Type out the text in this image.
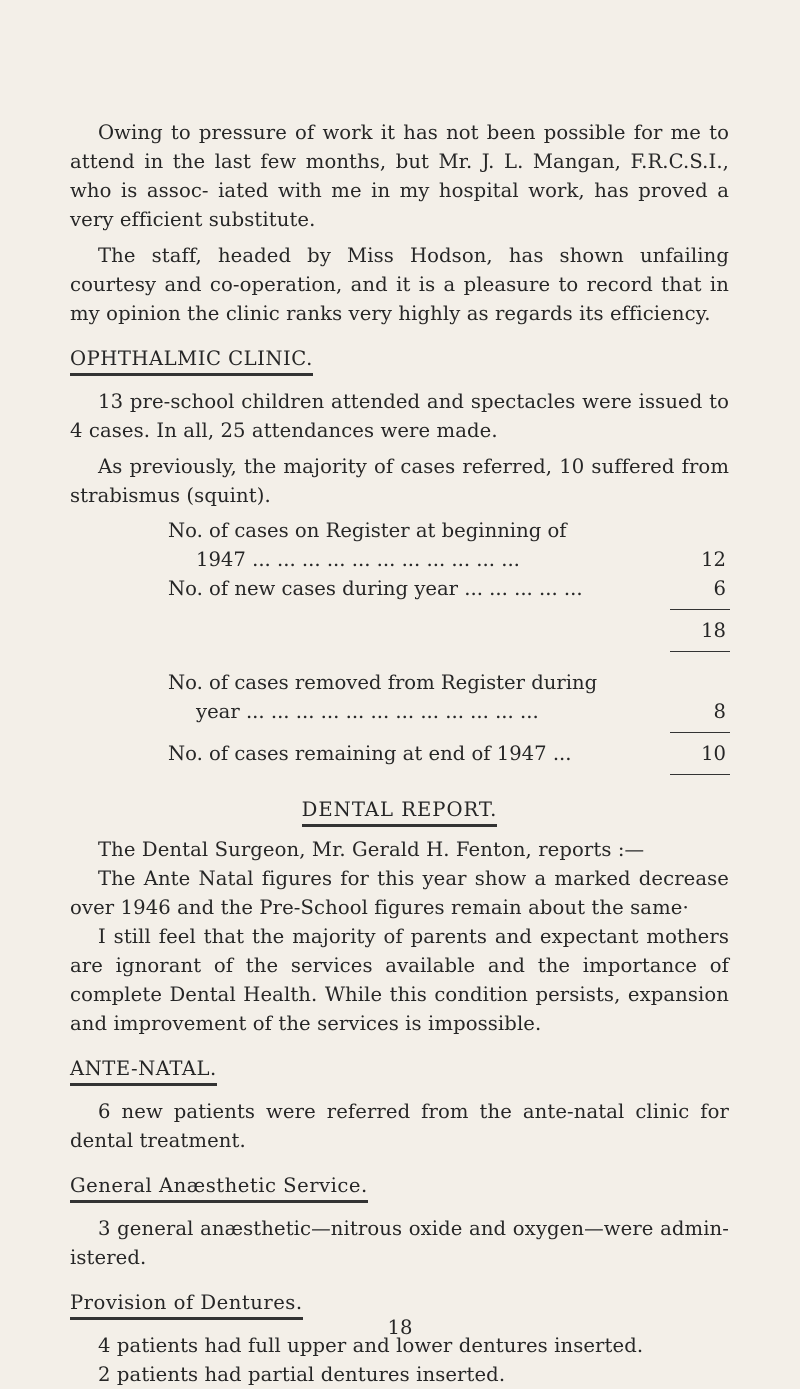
Owing to pressure of work it has not been possible for me to attend in the last few months, but Mr. J. L. Mangan, F.R.C.S.I., who is assoc- iated with me in my hospital work, has proved a very efficient substitute.

The staff, headed by Miss Hodson, has shown unfailing courtesy and co-operation, and it is a pleasure to record that in my opinion the clinic ranks very highly as regards its efficiency.

OPHTHALMIC CLINIC.

13 pre-school children attended and spectacles were issued to 4 cases. In all, 25 attendances were made.

As previously, the majority of cases referred, 10 suffered from strabismus (squint).

No. of cases on Register at beginning of
1947 ... ... ... ... ... ... ... ... ... ... ...	12
No. of new cases during year ... ... ... ... ...	6
18
No. of cases removed from Register during
year ... ... ... ... ... ... ... ... ... ... ... ...	8
No. of cases remaining at end of 1947 ...	10
DENTAL REPORT.

The Dental Surgeon, Mr. Gerald H. Fenton, reports :—

The Ante Natal figures for this year show a marked decrease over 1946 and the Pre-School figures remain about the same·

I still feel that the majority of parents and expectant mothers are ignorant of the services available and the importance of complete Dental Health. While this condition persists, expansion and improvement of the services is impossible.

ANTE-NATAL.

6 new patients were referred from the ante-natal clinic for dental treatment.

General Anæsthetic Service.

3 general anæsthetic—nitrous oxide and oxygen—were admin- istered.

Provision of Dentures.

4 patients had full upper and lower dentures inserted.

2 patients had partial dentures inserted.

18
